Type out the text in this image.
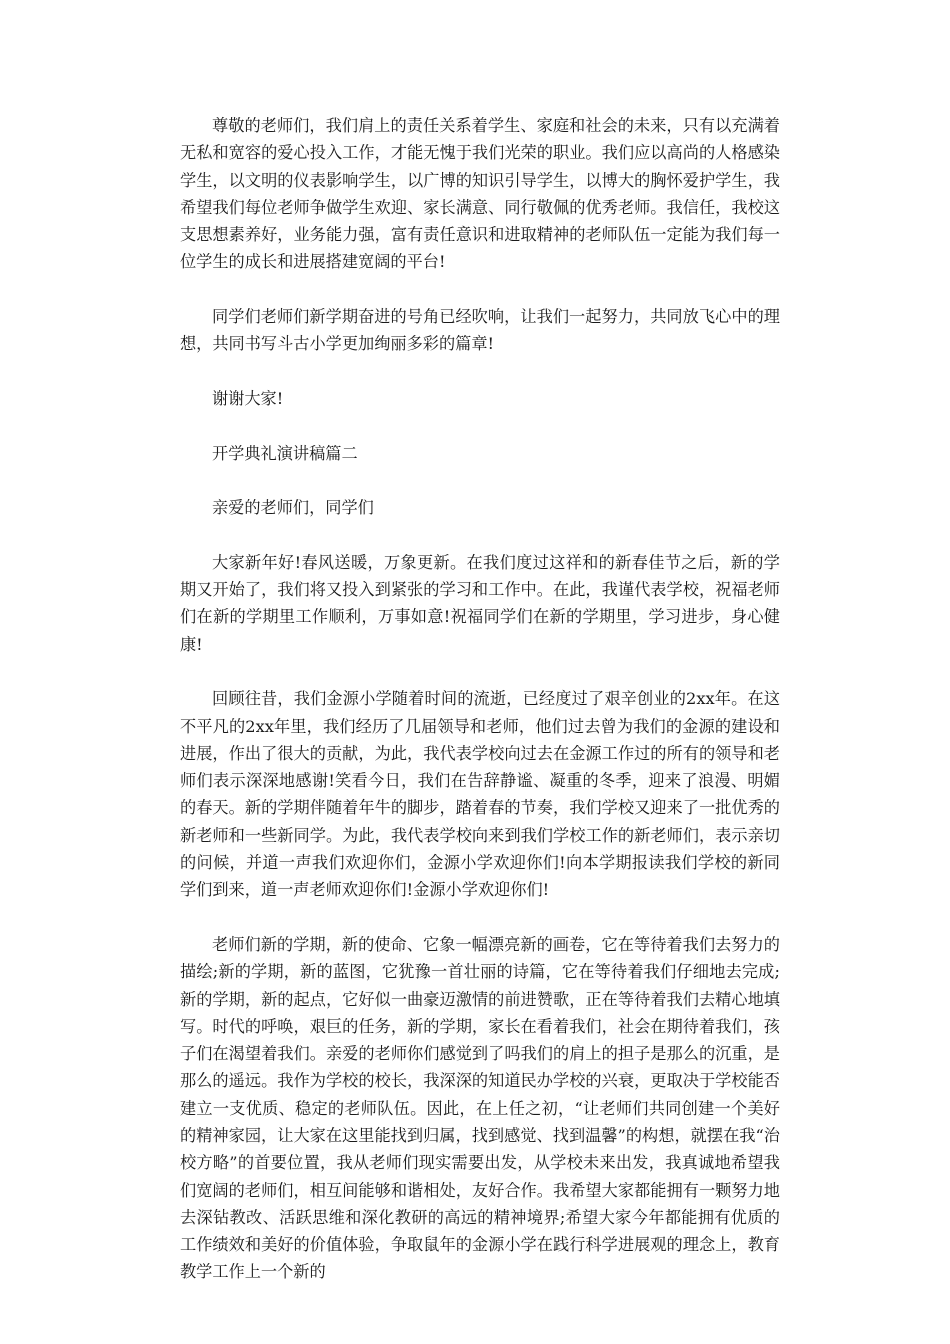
尊敬的老师们，我们肩上的责任关系着学生、家庭和社会的未来，只有以充满着无私和宽容的爱心投入工作，才能无愧于我们光荣的职业。我们应以高尚的人格感染学生，以文明的仪表影响学生，以广博的知识引导学生，以博大的胸怀爱护学生，我希望我们每位老师争做学生欢迎、家长满意、同行敬佩的优秀老师。我信任，我校这支思想素养好，业务能力强，富有责任意识和进取精神的老师队伍一定能为我们每一位学生的成长和进展搭建宽阔的平台!

同学们老师们新学期奋进的号角已经吹响，让我们一起努力，共同放飞心中的理想，共同书写斗古小学更加绚丽多彩的篇章!

谢谢大家!

开学典礼演讲稿篇二

亲爱的老师们，同学们

大家新年好!春风送暖，万象更新。在我们度过这祥和的新春佳节之后，新的学期又开始了，我们将又投入到紧张的学习和工作中。在此，我谨代表学校，祝福老师们在新的学期里工作顺利，万事如意!祝福同学们在新的学期里，学习进步，身心健康!

回顾往昔，我们金源小学随着时间的流逝，已经度过了艰辛创业的2xx年。在这不平凡的2xx年里，我们经历了几届领导和老师，他们过去曾为我们的金源的建设和进展，作出了很大的贡献，为此，我代表学校向过去在金源工作过的所有的领导和老师们表示深深地感谢!笑看今日，我们在告辞静谧、凝重的冬季，迎来了浪漫、明媚的春天。新的学期伴随着年牛的脚步，踏着春的节奏，我们学校又迎来了一批优秀的新老师和一些新同学。为此，我代表学校向来到我们学校工作的新老师们，表示亲切的问候，并道一声我们欢迎你们，金源小学欢迎你们!向本学期报读我们学校的新同学们到来，道一声老师欢迎你们!金源小学欢迎你们!

老师们新的学期，新的使命、它象一幅漂亮新的画卷，它在等待着我们去努力的描绘;新的学期，新的蓝图，它犹豫一首壮丽的诗篇，它在等待着我们仔细地去完成;新的学期，新的起点，它好似一曲豪迈激情的前进赞歌，正在等待着我们去精心地填写。时代的呼唤，艰巨的任务，新的学期，家长在看着我们，社会在期待着我们，孩子们在渴望着我们。亲爱的老师你们感觉到了吗我们的肩上的担子是那么的沉重，是那么的遥远。我作为学校的校长，我深深的知道民办学校的兴衰，更取决于学校能否建立一支优质、稳定的老师队伍。因此，在上任之初，“让老师们共同创建一个美好的精神家园，让大家在这里能找到归属，找到感觉、找到温馨”的构想，就摆在我“治校方略”的首要位置，我从老师们现实需要出发，从学校未来出发，我真诚地希望我们宽阔的老师们，相互间能够和谐相处，友好合作。我希望大家都能拥有一颗努力地去深钻教改、活跃思维和深化教研的高远的精神境界;希望大家今年都能拥有优质的工作绩效和美好的价值体验，争取鼠年的金源小学在践行科学进展观的理念上，教育教学工作上一个新的
